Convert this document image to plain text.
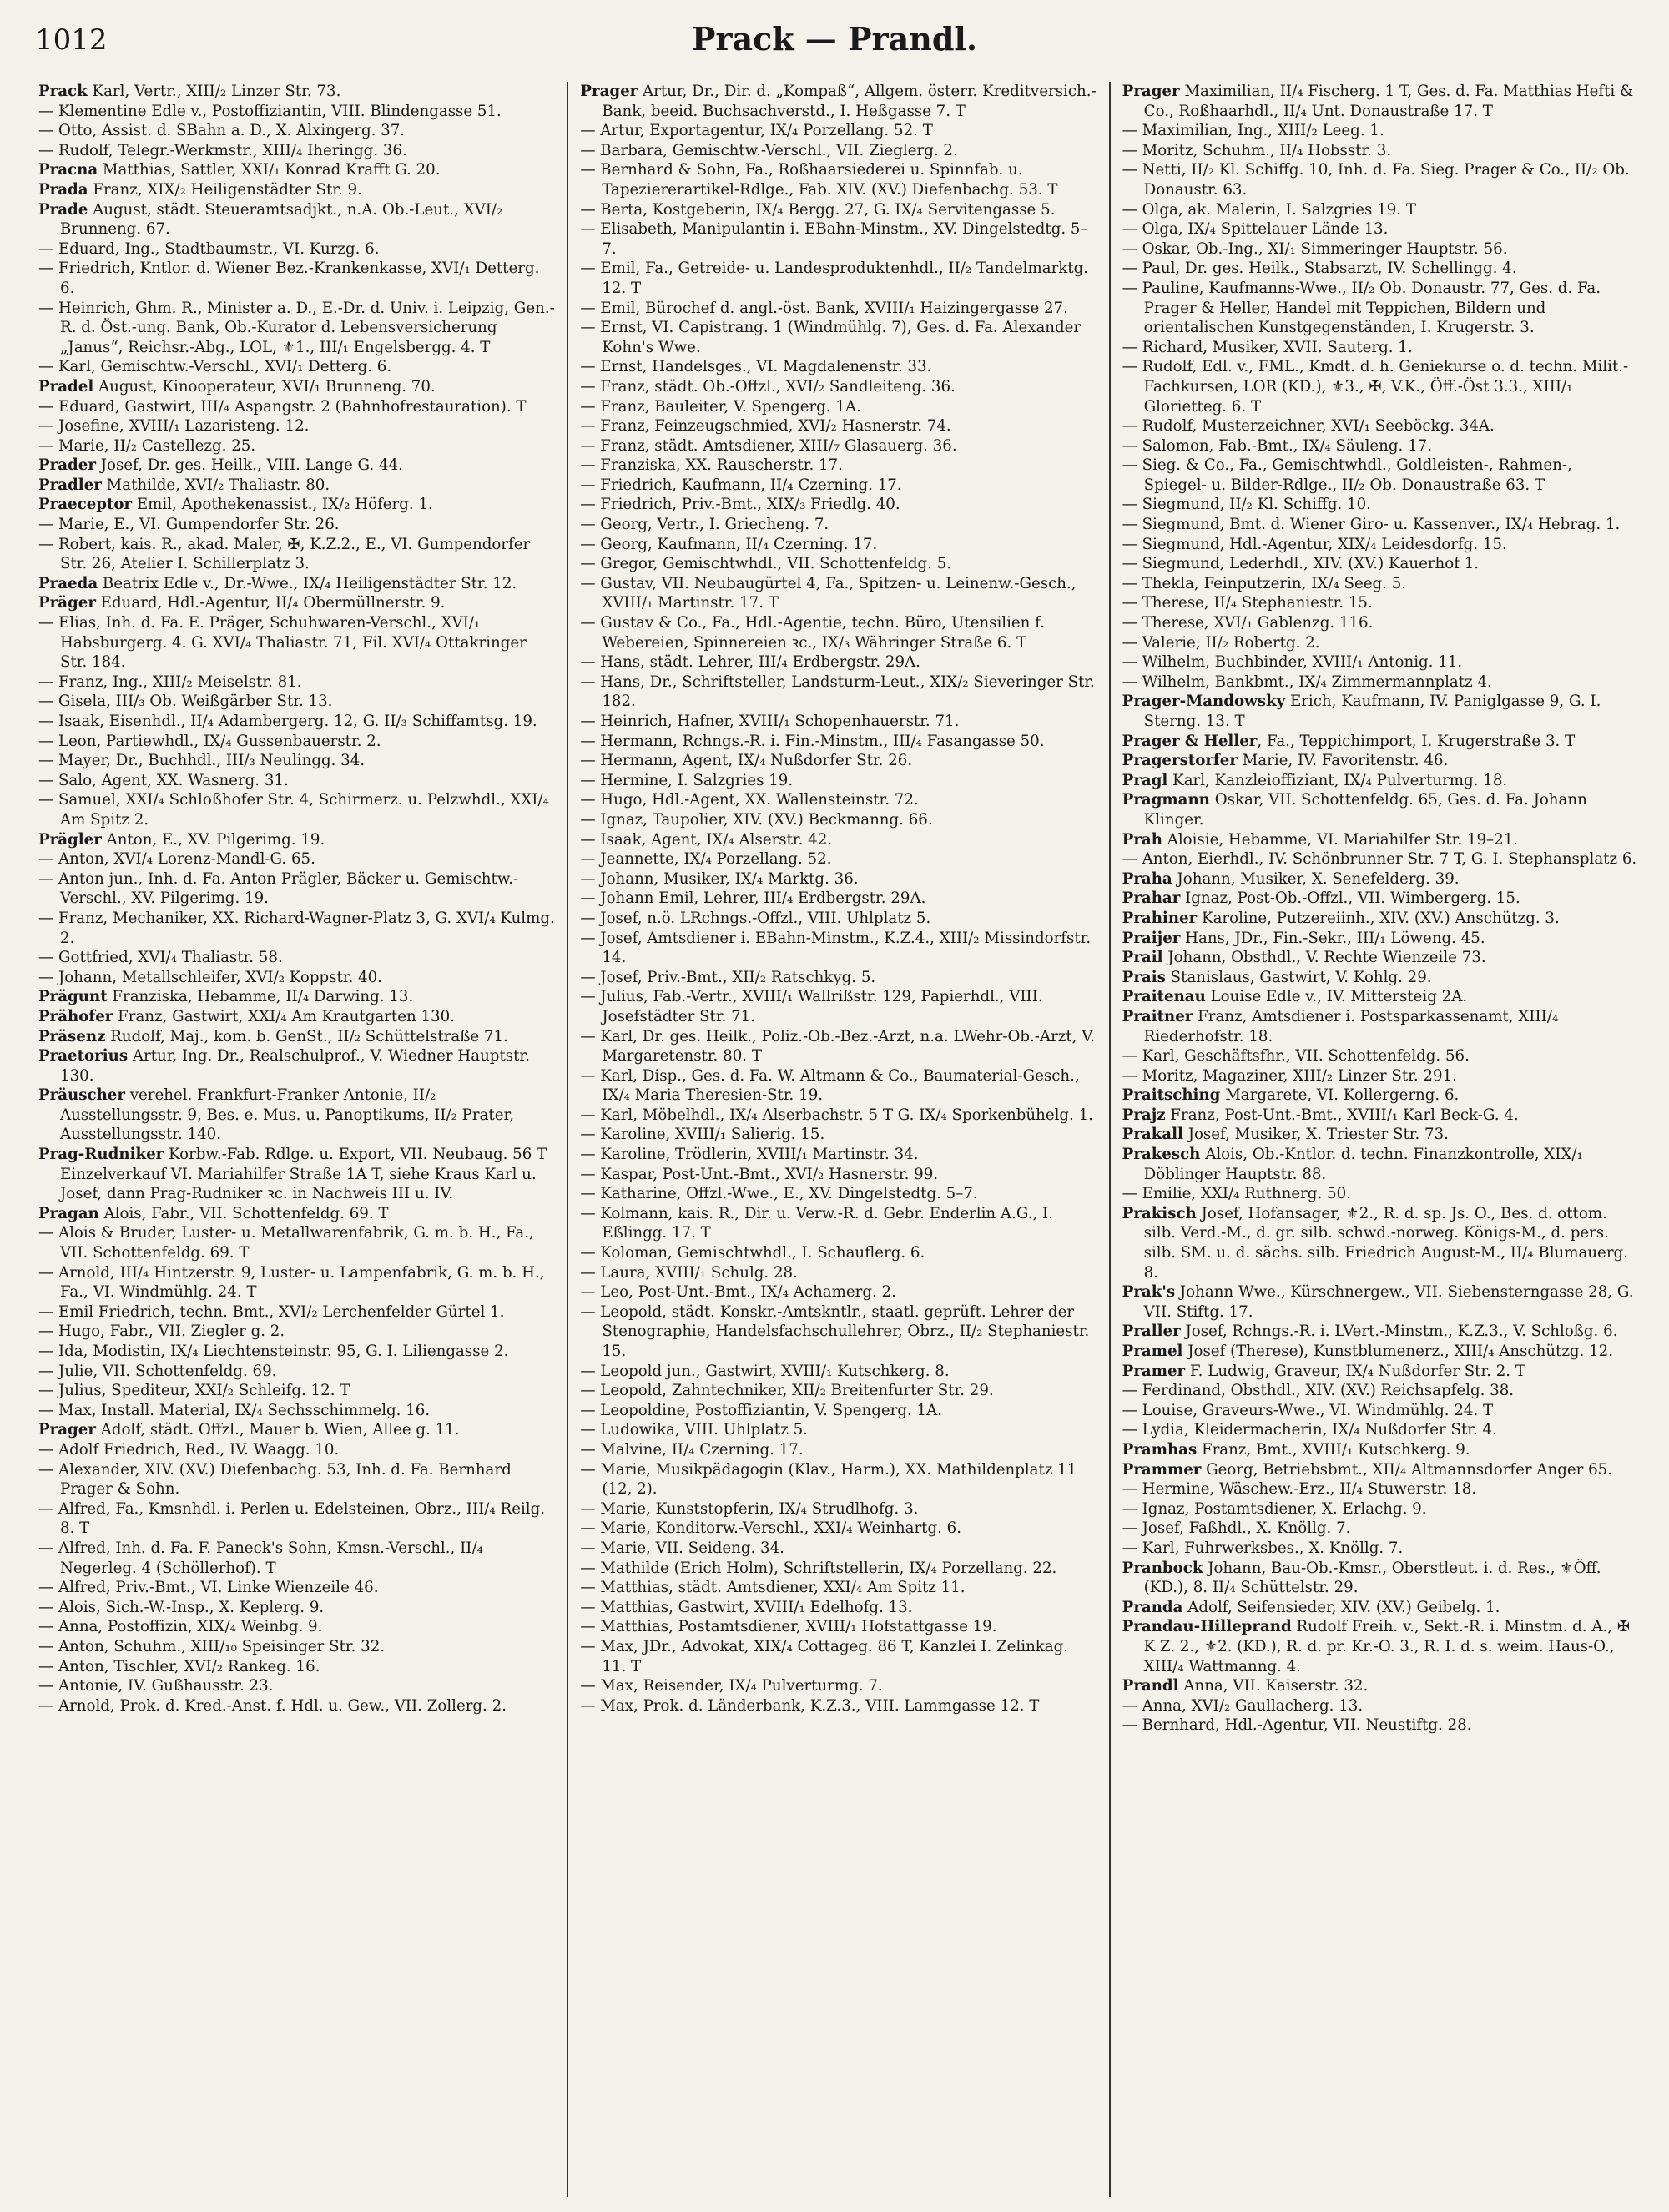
1012	Prack — Prandl.

Prack Karl, Vertr., XIII/₂ Linzer Str. 73.

— Klementine Edle v., Postoffiziantin, VIII. Blindengasse 51.

— Otto, Assist. d. SBahn a. D., X. Alxingerg. 37.

— Rudolf, Telegr.-Werkmstr., XIII/₄ Iheringg. 36.

Pracna Matthias, Sattler, XXI/₁ Konrad Krafft G. 20.

Prada Franz, XIX/₂ Heiligenstädter Str. 9.

Prade August, städt. Steueramtsadjkt., n.A. Ob.-Leut., XVI/₂ Brunneng. 67.

— Eduard, Ing., Stadtbaumstr., VI. Kurzg. 6.

— Friedrich, Kntlor. d. Wiener Bez.-Krankenkasse, XVI/₁ Detterg. 6.

— Heinrich, Ghm. R., Minister a. D., E.-Dr. d. Univ. i. Leipzig, Gen.-R. d. Öst.-ung. Bank, Ob.-Kurator d. Lebensversicherung „Janus“, Reichsr.-Abg., LOL, ⚜1., III/₁ Engelsbergg. 4. T

— Karl, Gemischtw.-Verschl., XVI/₁ Detterg. 6.

Pradel August, Kinooperateur, XVI/₁ Brunneng. 70.

— Eduard, Gastwirt, III/₄ Aspangstr. 2 (Bahnhofrestauration). T

— Josefine, XVIII/₁ Lazaristeng. 12.

— Marie, II/₂ Castellezg. 25.

Prader Josef, Dr. ges. Heilk., VIII. Lange G. 44.

Pradler Mathilde, XVI/₂ Thaliastr. 80.

Praeceptor Emil, Apothekenassist., IX/₂ Höferg. 1.

— Marie, E., VI. Gumpendorfer Str. 26.

— Robert, kais. R., akad. Maler, ✠, K.Z.2., E., VI. Gumpendorfer Str. 26, Atelier I. Schillerplatz 3.

Praeda Beatrix Edle v., Dr.-Wwe., IX/₄ Heiligenstädter Str. 12.

Präger Eduard, Hdl.-Agentur, II/₄ Obermüllnerstr. 9.

— Elias, Inh. d. Fa. E. Präger, Schuhwaren-Verschl., XVI/₁ Habsburgerg. 4. G. XVI/₄ Thaliastr. 71, Fil. XVI/₄ Ottakringer Str. 184.

— Franz, Ing., XIII/₂ Meiselstr. 81.

— Gisela, III/₃ Ob. Weißgärber Str. 13.

— Isaak, Eisenhdl., II/₄ Adambergerg. 12, G. II/₃ Schiffamtsg. 19.

— Leon, Partiewhdl., IX/₄ Gussenbauerstr. 2.

— Mayer, Dr., Buchhdl., III/₃ Neulingg. 34.

— Salo, Agent, XX. Wasnerg. 31.

— Samuel, XXI/₄ Schloßhofer Str. 4, Schirmerz. u. Pelzwhdl., XXI/₄ Am Spitz 2.

Prägler Anton, E., XV. Pilgerimg. 19.

— Anton, XVI/₄ Lorenz-Mandl-G. 65.

— Anton jun., Inh. d. Fa. Anton Prägler, Bäcker u. Gemischtw.-Verschl., XV. Pilgerimg. 19.

— Franz, Mechaniker, XX. Richard-Wagner-Platz 3, G. XVI/₄ Kulmg. 2.

— Gottfried, XVI/₄ Thaliastr. 58.

— Johann, Metallschleifer, XVI/₂ Koppstr. 40.

Prägunt Franziska, Hebamme, II/₄ Darwing. 13.

Prähofer Franz, Gastwirt, XXI/₄ Am Krautgarten 130.

Präsenz Rudolf, Maj., kom. b. GenSt., II/₂ Schüttelstraße 71.

Praetorius Artur, Ing. Dr., Realschulprof., V. Wiedner Hauptstr. 130.

Präuscher verehel. Frankfurt-Franker Antonie, II/₂ Ausstellungsstr. 9, Bes. e. Mus. u. Panoptikums, II/₂ Prater, Ausstellungsstr. 140.

Prag-Rudniker Korbw.-Fab. Rdlge. u. Export, VII. Neubaug. 56 T Einzelverkauf VI. Mariahilfer Straße 1A T, siehe Kraus Karl u. Josef, dann Prag-Rudniker ꝛc. in Nachweis III u. IV.

Pragan Alois, Fabr., VII. Schottenfeldg. 69. T

— Alois & Bruder, Luster- u. Metallwarenfabrik, G. m. b. H., Fa., VII. Schottenfeldg. 69. T

— Arnold, III/₄ Hintzerstr. 9, Luster- u. Lampenfabrik, G. m. b. H., Fa., VI. Windmühlg. 24. T

— Emil Friedrich, techn. Bmt., XVI/₂ Lerchenfelder Gürtel 1.

— Hugo, Fabr., VII. Ziegler g. 2.

— Ida, Modistin, IX/₄ Liechtensteinstr. 95, G. I. Liliengasse 2.

— Julie, VII. Schottenfeldg. 69.

— Julius, Spediteur, XXI/₂ Schleifg. 12. T

— Max, Install. Material, IX/₄ Sechsschimmelg. 16.

Prager Adolf, städt. Offzl., Mauer b. Wien, Allee g. 11.

— Adolf Friedrich, Red., IV. Waagg. 10.

— Alexander, XIV. (XV.) Diefenbachg. 53, Inh. d. Fa. Bernhard Prager & Sohn.

— Alfred, Fa., Kmsnhdl. i. Perlen u. Edelsteinen, Obrz., III/₄ Reilg. 8. T

— Alfred, Inh. d. Fa. F. Paneck's Sohn, Kmsn.-Verschl., II/₄ Negerleg. 4 (Schöllerhof). T

— Alfred, Priv.-Bmt., VI. Linke Wienzeile 46.

— Alois, Sich.-W.-Insp., X. Keplerg. 9.

— Anna, Postoffizin, XIX/₄ Weinbg. 9.

— Anton, Schuhm., XIII/₁₀ Speisinger Str. 32.

— Anton, Tischler, XVI/₂ Rankeg. 16.

— Antonie, IV. Gußhausstr. 23.

— Arnold, Prok. d. Kred.-Anst. f. Hdl. u. Gew., VII. Zollerg. 2.

Prager Artur, Dr., Dir. d. „Kompaß“, Allgem. österr. Kreditversich.-Bank, beeid. Buchsachverstd., I. Heßgasse 7. T

— Artur, Exportagentur, IX/₄ Porzellang. 52. T

— Barbara, Gemischtw.-Verschl., VII. Zieglerg. 2.

— Bernhard & Sohn, Fa., Roßhaarsiederei u. Spinnfab. u. Tapeziererartikel-Rdlge., Fab. XIV. (XV.) Diefenbachg. 53. T

— Berta, Kostgeberin, IX/₄ Bergg. 27, G. IX/₄ Servitengasse 5.

— Elisabeth, Manipulantin i. EBahn-Minstm., XV. Dingelstedtg. 5–7.

— Emil, Fa., Getreide- u. Landesproduktenhdl., II/₂ Tandelmarktg. 12. T

— Emil, Bürochef d. angl.-öst. Bank, XVIII/₁ Haizingergasse 27.

— Ernst, VI. Capistrang. 1 (Windmühlg. 7), Ges. d. Fa. Alexander Kohn's Wwe.

— Ernst, Handelsges., VI. Magdalenenstr. 33.

— Franz, städt. Ob.-Offzl., XVI/₂ Sandleiteng. 36.

— Franz, Bauleiter, V. Spengerg. 1A.

— Franz, Feinzeugschmied, XVI/₂ Hasnerstr. 74.

— Franz, städt. Amtsdiener, XIII/₇ Glasauerg. 36.

— Franziska, XX. Rauscherstr. 17.

— Friedrich, Kaufmann, II/₄ Czerning. 17.

— Friedrich, Priv.-Bmt., XIX/₃ Friedlg. 40.

— Georg, Vertr., I. Griecheng. 7.

— Georg, Kaufmann, II/₄ Czerning. 17.

— Gregor, Gemischtwhdl., VII. Schottenfeldg. 5.

— Gustav, VII. Neubaugürtel 4, Fa., Spitzen- u. Leinenw.-Gesch., XVIII/₁ Martinstr. 17. T

— Gustav & Co., Fa., Hdl.-Agentie, techn. Büro, Utensilien f. Webereien, Spinnereien ꝛc., IX/₃ Währinger Straße 6. T

— Hans, städt. Lehrer, III/₄ Erdbergstr. 29A.

— Hans, Dr., Schriftsteller, Landsturm-Leut., XIX/₂ Sieveringer Str. 182.

— Heinrich, Hafner, XVIII/₁ Schopenhauerstr. 71.

— Hermann, Rchngs.-R. i. Fin.-Minstm., III/₄ Fasangasse 50.

— Hermann, Agent, IX/₄ Nußdorfer Str. 26.

— Hermine, I. Salzgries 19.

— Hugo, Hdl.-Agent, XX. Wallensteinstr. 72.

— Ignaz, Taupolier, XIV. (XV.) Beckmanng. 66.

— Isaak, Agent, IX/₄ Alserstr. 42.

— Jeannette, IX/₄ Porzellang. 52.

— Johann, Musiker, IX/₄ Marktg. 36.

— Johann Emil, Lehrer, III/₄ Erdbergstr. 29A.

— Josef, n.ö. LRchngs.-Offzl., VIII. Uhlplatz 5.

— Josef, Amtsdiener i. EBahn-Minstm., K.Z.4., XIII/₂ Missindorfstr. 14.

— Josef, Priv.-Bmt., XII/₂ Ratschkyg. 5.

— Julius, Fab.-Vertr., XVIII/₁ Wallrißstr. 129, Papierhdl., VIII. Josefstädter Str. 71.

— Karl, Dr. ges. Heilk., Poliz.-Ob.-Bez.-Arzt, n.a. LWehr-Ob.-Arzt, V. Margaretenstr. 80. T

— Karl, Disp., Ges. d. Fa. W. Altmann & Co., Baumaterial-Gesch., IX/₄ Maria Theresien-Str. 19.

— Karl, Möbelhdl., IX/₄ Alserbachstr. 5 T G. IX/₄ Sporkenbühelg. 1.

— Karoline, XVIII/₁ Salierig. 15.

— Karoline, Trödlerin, XVIII/₁ Martinstr. 34.

— Kaspar, Post-Unt.-Bmt., XVI/₂ Hasnerstr. 99.

— Katharine, Offzl.-Wwe., E., XV. Dingelstedtg. 5–7.

— Kolmann, kais. R., Dir. u. Verw.-R. d. Gebr. Enderlin A.G., I. Eßlingg. 17. T

— Koloman, Gemischtwhdl., I. Schauflerg. 6.

— Laura, XVIII/₁ Schulg. 28.

— Leo, Post-Unt.-Bmt., IX/₄ Achamerg. 2.

— Leopold, städt. Konskr.-Amtskntlr., staatl. geprüft. Lehrer der Stenographie, Handelsfachschullehrer, Obrz., II/₂ Stephaniestr. 15.

— Leopold jun., Gastwirt, XVIII/₁ Kutschkerg. 8.

— Leopold, Zahntechniker, XII/₂ Breitenfurter Str. 29.

— Leopoldine, Postoffiziantin, V. Spengerg. 1A.

— Ludowika, VIII. Uhlplatz 5.

— Malvine, II/₄ Czerning. 17.

— Marie, Musikpädagogin (Klav., Harm.), XX. Mathildenplatz 11 (12, 2).

— Marie, Kunststopferin, IX/₄ Strudlhofg. 3.

— Marie, Konditorw.-Verschl., XXI/₄ Weinhartg. 6.

— Marie, VII. Seideng. 34.

— Mathilde (Erich Holm), Schriftstellerin, IX/₄ Porzellang. 22.

— Matthias, städt. Amtsdiener, XXI/₄ Am Spitz 11.

— Matthias, Gastwirt, XVIII/₁ Edelhofg. 13.

— Matthias, Postamtsdiener, XVIII/₁ Hofstattgasse 19.

— Max, JDr., Advokat, XIX/₄ Cottageg. 86 T, Kanzlei I. Zelinkag. 11. T

— Max, Reisender, IX/₄ Pulverturmg. 7.

— Max, Prok. d. Länderbank, K.Z.3., VIII. Lammgasse 12. T

Prager Maximilian, II/₄ Fischerg. 1 T, Ges. d. Fa. Matthias Hefti & Co., Roßhaarhdl., II/₄ Unt. Donaustraße 17. T

— Maximilian, Ing., XIII/₂ Leeg. 1.

— Moritz, Schuhm., II/₄ Hobsstr. 3.

— Netti, II/₂ Kl. Schiffg. 10, Inh. d. Fa. Sieg. Prager & Co., II/₂ Ob. Donaustr. 63.

— Olga, ak. Malerin, I. Salzgries 19. T

— Olga, IX/₄ Spittelauer Lände 13.

— Oskar, Ob.-Ing., XI/₁ Simmeringer Hauptstr. 56.

— Paul, Dr. ges. Heilk., Stabsarzt, IV. Schellingg. 4.

— Pauline, Kaufmanns-Wwe., II/₂ Ob. Donaustr. 77, Ges. d. Fa. Prager & Heller, Handel mit Teppichen, Bildern und orientalischen Kunstgegenständen, I. Krugerstr. 3.

— Richard, Musiker, XVII. Sauterg. 1.

— Rudolf, Edl. v., FML., Kmdt. d. h. Geniekurse o. d. techn. Milit.-Fachkursen, LOR (KD.), ⚜3., ✠, V.K., Öff.-Öst 3.3., XIII/₁ Glorietteg. 6. T

— Rudolf, Musterzeichner, XVI/₁ Seeböckg. 34A.

— Salomon, Fab.-Bmt., IX/₄ Säuleng. 17.

— Sieg. & Co., Fa., Gemischtwhdl., Goldleisten-, Rahmen-, Spiegel- u. Bilder-Rdlge., II/₂ Ob. Donaustraße 63. T

— Siegmund, II/₂ Kl. Schiffg. 10.

— Siegmund, Bmt. d. Wiener Giro- u. Kassenver., IX/₄ Hebrag. 1.

— Siegmund, Hdl.-Agentur, XIX/₄ Leidesdorfg. 15.

— Siegmund, Lederhdl., XIV. (XV.) Kauerhof 1.

— Thekla, Feinputzerin, IX/₄ Seeg. 5.

— Therese, II/₄ Stephaniestr. 15.

— Therese, XVI/₁ Gablenzg. 116.

— Valerie, II/₂ Robertg. 2.

— Wilhelm, Buchbinder, XVIII/₁ Antonig. 11.

— Wilhelm, Bankbmt., IX/₄ Zimmermannplatz 4.

Prager-Mandowsky Erich, Kaufmann, IV. Paniglgasse 9, G. I. Sterng. 13. T

Prager & Heller, Fa., Teppichimport, I. Krugerstraße 3. T

Pragerstorfer Marie, IV. Favoritenstr. 46.

Pragl Karl, Kanzleioffiziant, IX/₄ Pulverturmg. 18.

Pragmann Oskar, VII. Schottenfeldg. 65, Ges. d. Fa. Johann Klinger.

Prah Aloisie, Hebamme, VI. Mariahilfer Str. 19–21.

— Anton, Eierhdl., IV. Schönbrunner Str. 7 T, G. I. Stephansplatz 6.

Praha Johann, Musiker, X. Senefelderg. 39.

Prahar Ignaz, Post-Ob.-Offzl., VII. Wimbergerg. 15.

Prahiner Karoline, Putzereiinh., XIV. (XV.) Anschützg. 3.

Praijer Hans, JDr., Fin.-Sekr., III/₁ Löweng. 45.

Prail Johann, Obsthdl., V. Rechte Wienzeile 73.

Prais Stanislaus, Gastwirt, V. Kohlg. 29.

Praitenau Louise Edle v., IV. Mittersteig 2A.

Praitner Franz, Amtsdiener i. Postsparkassenamt, XIII/₄ Riederhofstr. 18.

— Karl, Geschäftsfhr., VII. Schottenfeldg. 56.

— Moritz, Magaziner, XIII/₂ Linzer Str. 291.

Praitsching Margarete, VI. Kollergerng. 6.

Prajz Franz, Post-Unt.-Bmt., XVIII/₁ Karl Beck-G. 4.

Prakall Josef, Musiker, X. Triester Str. 73.

Prakesch Alois, Ob.-Kntlor. d. techn. Finanzkontrolle, XIX/₁ Döblinger Hauptstr. 88.

— Emilie, XXI/₄ Ruthnerg. 50.

Prakisch Josef, Hofansager, ⚜2., R. d. sp. Js. O., Bes. d. ottom. silb. Verd.-M., d. gr. silb. schwd.-norweg. Königs-M., d. pers. silb. SM. u. d. sächs. silb. Friedrich August-M., II/₄ Blumauerg. 8.

Prak's Johann Wwe., Kürschnergew., VII. Siebensterngasse 28, G. VII. Stiftg. 17.

Praller Josef, Rchngs.-R. i. LVert.-Minstm., K.Z.3., V. Schloßg. 6.

Pramel Josef (Therese), Kunstblumenerz., XIII/₄ Anschützg. 12.

Pramer F. Ludwig, Graveur, IX/₄ Nußdorfer Str. 2. T

— Ferdinand, Obsthdl., XIV. (XV.) Reichsapfelg. 38.

— Louise, Graveurs-Wwe., VI. Windmühlg. 24. T

— Lydia, Kleidermacherin, IX/₄ Nußdorfer Str. 4.

Pramhas Franz, Bmt., XVIII/₁ Kutschkerg. 9.

Prammer Georg, Betriebsbmt., XII/₄ Altmannsdorfer Anger 65.

— Hermine, Wäschew.-Erz., II/₄ Stuwerstr. 18.

— Ignaz, Postamtsdiener, X. Erlachg. 9.

— Josef, Faßhdl., X. Knöllg. 7.

— Karl, Fuhrwerksbes., X. Knöllg. 7.

Pranbock Johann, Bau-Ob.-Kmsr., Oberstleut. i. d. Res., ⚜Öff. (KD.), 8. II/₄ Schüttelstr. 29.

Pranda Adolf, Seifensieder, XIV. (XV.) Geibelg. 1.

Prandau-Hilleprand Rudolf Freih. v., Sekt.-R. i. Minstm. d. A., ✠ K Z. 2., ⚜2. (KD.), R. d. pr. Kr.-O. 3., R. I. d. s. weim. Haus-O., XIII/₄ Wattmanng. 4.

Prandl Anna, VII. Kaiserstr. 32.

— Anna, XVI/₂ Gaullacherg. 13.

— Bernhard, Hdl.-Agentur, VII. Neustiftg. 28.
